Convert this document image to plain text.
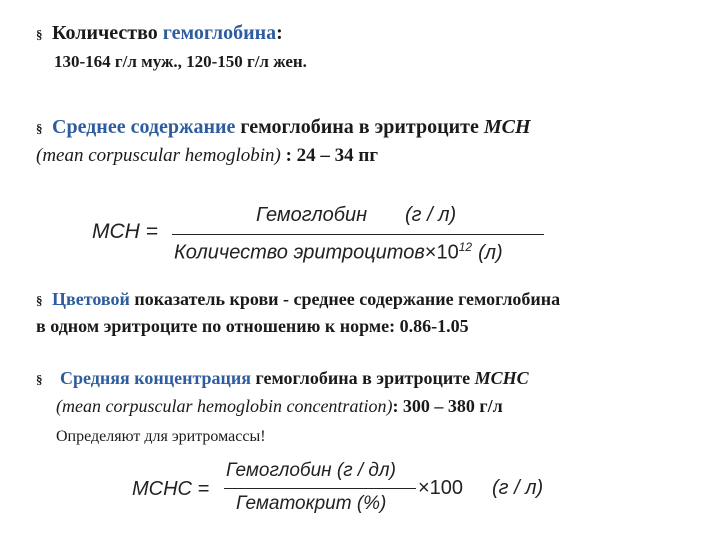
§ Количество гемоглобина:
130-164 г/л муж., 120-150 г/л жен.
§ Среднее содержание гемоглобина в эритроците MCH
(mean corpuscular hemoglobin) : 24 – 34 пг
MCH =
Гемоглобин (г / л)
Количество $эритроцитов\times 10^{12}$ (л)
§ Цветовой показатель крови - среднее содержание гемоглобина
в одном эритроците по отношению к норме: 0.86-1.05
§ Средняя концентрация гемоглобина в эритроците MCHC
(mean corpuscular hemoglobin concentration): 300 – 380 г/л
Определяют для эритромассы!
MCHC =
Гемоглобин (г / дл)
Гематокрит (%)
×100 (г / л)
